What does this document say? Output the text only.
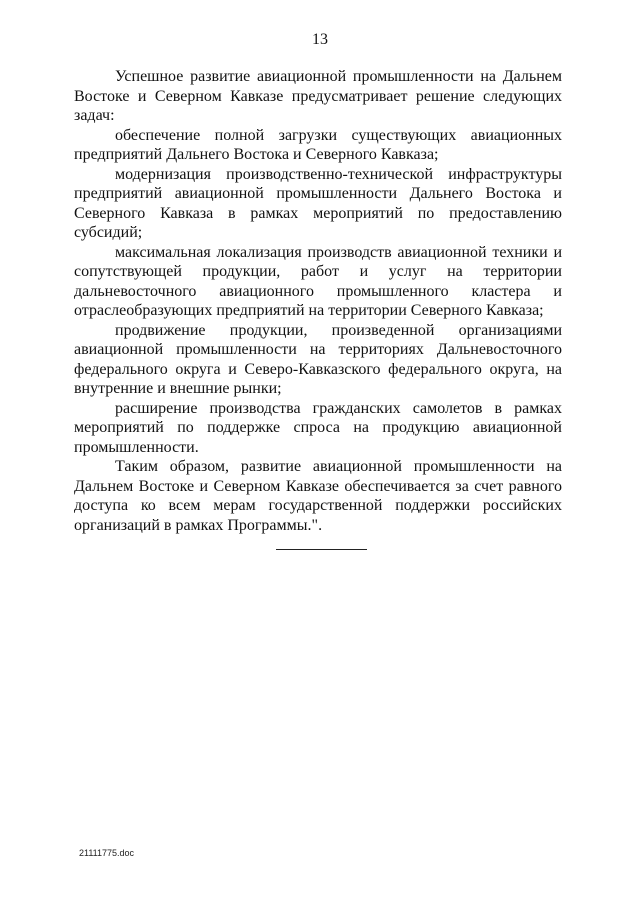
13

Успешное развитие авиационной промышленности на Дальнем Востоке и Северном Кавказе предусматривает решение следующих задач:

обеспечение полной загрузки существующих авиационных предприятий Дальнего Востока и Северного Кавказа;

модернизация производственно-технической инфраструктуры предприятий авиационной промышленности Дальнего Востока и Северного Кавказа в рамках мероприятий по предоставлению субсидий;

максимальная локализация производств авиационной техники и сопутствующей продукции, работ и услуг на территории дальневосточного авиационного промышленного кластера и отраслеобразующих предприятий на территории Северного Кавказа;

продвижение продукции, произведенной организациями авиационной промышленности на территориях Дальневосточного федерального округа и Северо-Кавказского федерального округа, на внутренние и внешние рынки;

расширение производства гражданских самолетов в рамках мероприятий по поддержке спроса на продукцию авиационной промышленности.

Таким образом, развитие авиационной промышленности на Дальнем Востоке и Северном Кавказе обеспечивается за счет равного доступа ко всем мерам государственной поддержки российских организаций в рамках Программы.".

21111775.doc
